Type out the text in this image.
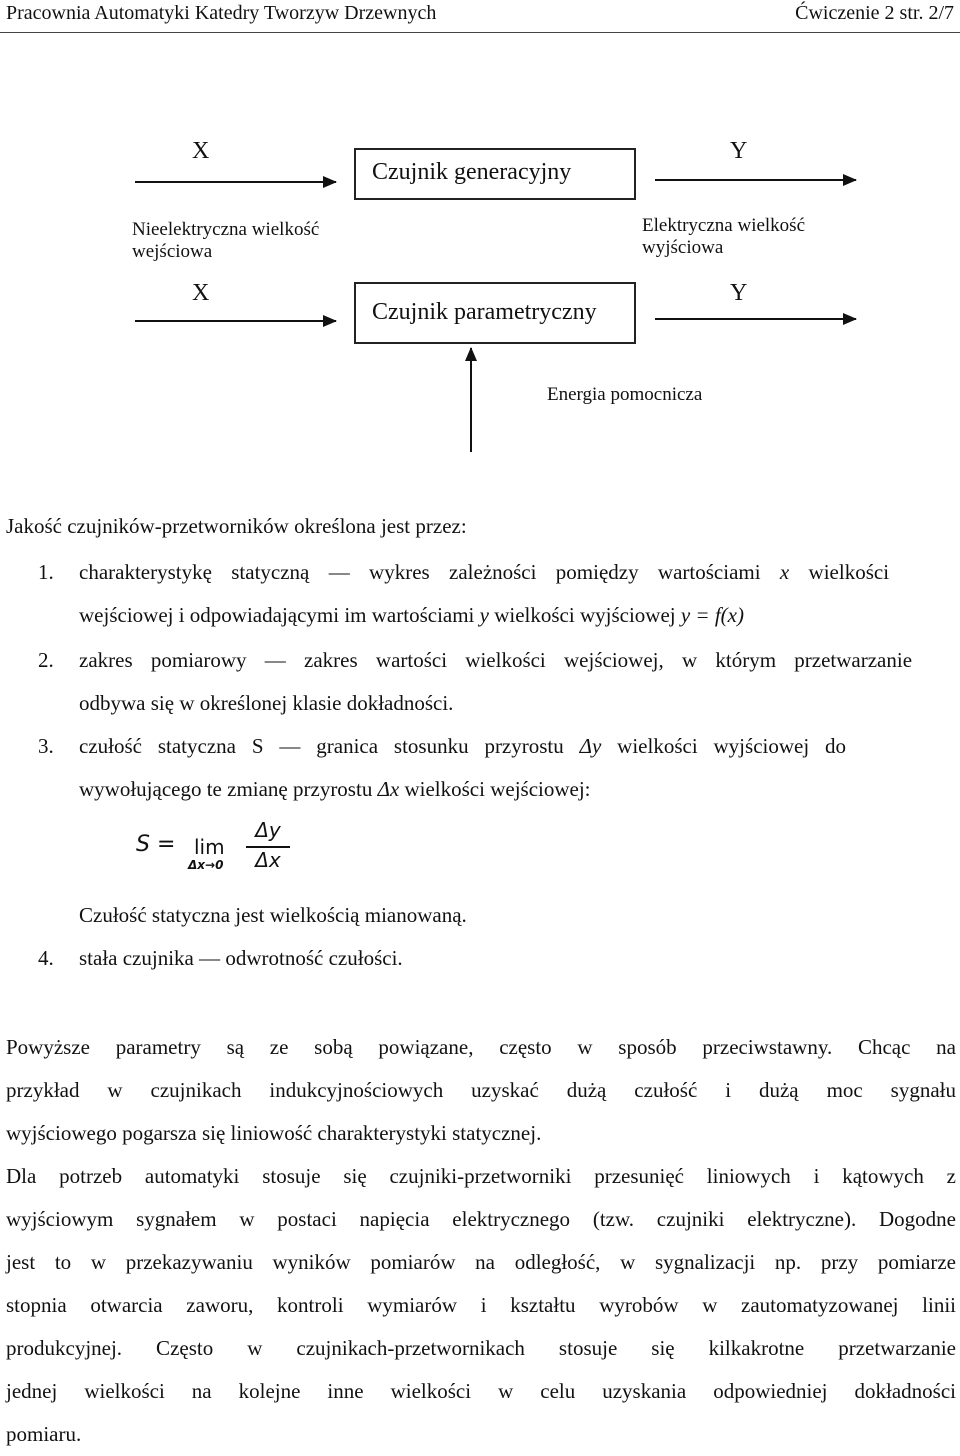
Pracownia Automatyki Katedry Tworzyw Drzewnych	Ćwiczenie 2 str. 2/7
Czujnik generacyjny
Czujnik parametryczny
X	Y
X	Y
Nieelektryczna wielkość
wejściowa
Elektryczna wielkość
wyjściowa
Energia pomocnicza
Jakość czujników-przetworników określona jest przez:
1. charakterystykę statyczną — wykres zależności pomiędzy wartościami x wielkości
wejściowej i odpowiadającymi im wartościami y wielkości wyjściowej y = f(x)
2. zakres pomiarowy — zakres wartości wielkości wejściowej, w którym przetwarzanie
odbywa się w określonej klasie dokładności.
3. czułość statyczna S — granica stosunku przyrostu Δy wielkości wyjściowej do
wywołującego te zmianę przyrostu Δx wielkości wejściowej:
S = lim
Δx→0
Δy
Δx
Czułość statyczna jest wielkością mianowaną.
4. stała czujnika — odwrotność czułości.
Powyższe parametry są ze sobą powiązane, często w sposób przeciwstawny. Chcąc na
przykład w czujnikach indukcyjnościowych uzyskać dużą czułość i dużą moc sygnału
wyjściowego pogarsza się liniowość charakterystyki statycznej.
Dla potrzeb automatyki stosuje się czujniki-przetworniki przesunięć liniowych i kątowych z
wyjściowym sygnałem w postaci napięcia elektrycznego (tzw. czujniki elektryczne). Dogodne
jest to w przekazywaniu wyników pomiarów na odległość, w sygnalizacji np. przy pomiarze
stopnia otwarcia zaworu, kontroli wymiarów i kształtu wyrobów w zautomatyzowanej linii
produkcyjnej. Często w czujnikach-przetwornikach stosuje się kilkakrotne przetwarzanie
jednej wielkości na kolejne inne wielkości w celu uzyskania odpowiedniej dokładności
pomiaru.
